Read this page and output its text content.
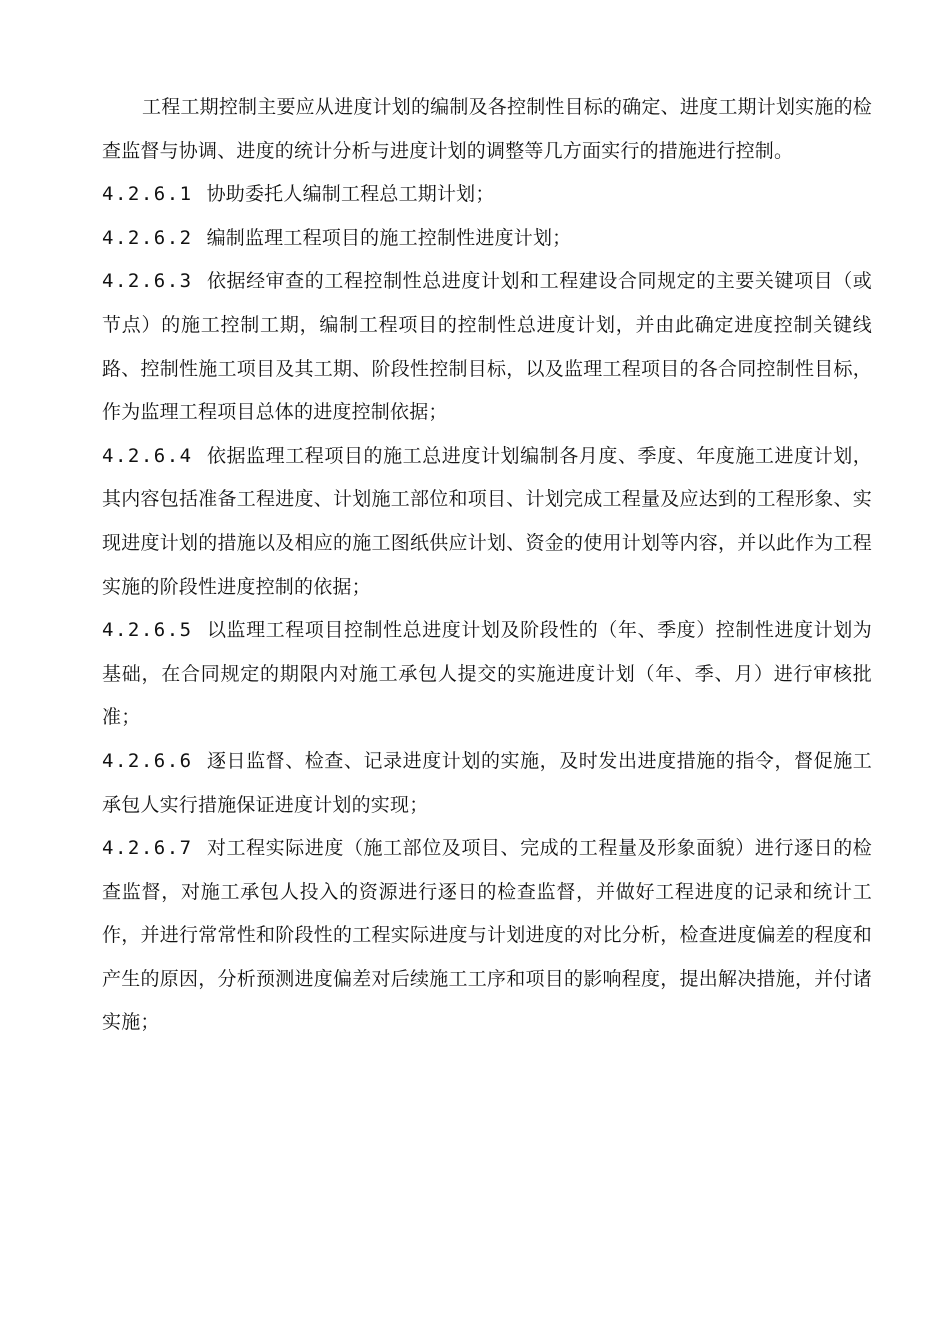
工程工期控制主要应从进度计划的编制及各控制性目标的确定、进度工期计划实施的检查监督与协调、进度的统计分析与进度计划的调整等几方面实行的措施进行控制。

4.2.6.1 协助委托人编制工程总工期计划；

4.2.6.2 编制监理工程项目的施工控制性进度计划；

4.2.6.3 依据经审查的工程控制性总进度计划和工程建设合同规定的主要关键项目（或节点）的施工控制工期，编制工程项目的控制性总进度计划，并由此确定进度控制关键线路、控制性施工项目及其工期、阶段性控制目标，以及监理工程项目的各合同控制性目标，作为监理工程项目总体的进度控制依据；

4.2.6.4 依据监理工程项目的施工总进度计划编制各月度、季度、年度施工进度计划，其内容包括准备工程进度、计划施工部位和项目、计划完成工程量及应达到的工程形象、实现进度计划的措施以及相应的施工图纸供应计划、资金的使用计划等内容，并以此作为工程实施的阶段性进度控制的依据；

4.2.6.5 以监理工程项目控制性总进度计划及阶段性的（年、季度）控制性进度计划为基础，在合同规定的期限内对施工承包人提交的实施进度计划（年、季、月）进行审核批准；

4.2.6.6 逐日监督、检查、记录进度计划的实施，及时发出进度措施的指令，督促施工承包人实行措施保证进度计划的实现；

4.2.6.7 对工程实际进度（施工部位及项目、完成的工程量及形象面貌）进行逐日的检查监督，对施工承包人投入的资源进行逐日的检查监督，并做好工程进度的记录和统计工作，并进行常常性和阶段性的工程实际进度与计划进度的对比分析，检查进度偏差的程度和产生的原因，分析预测进度偏差对后续施工工序和项目的影响程度，提出解决措施，并付诸实施；
